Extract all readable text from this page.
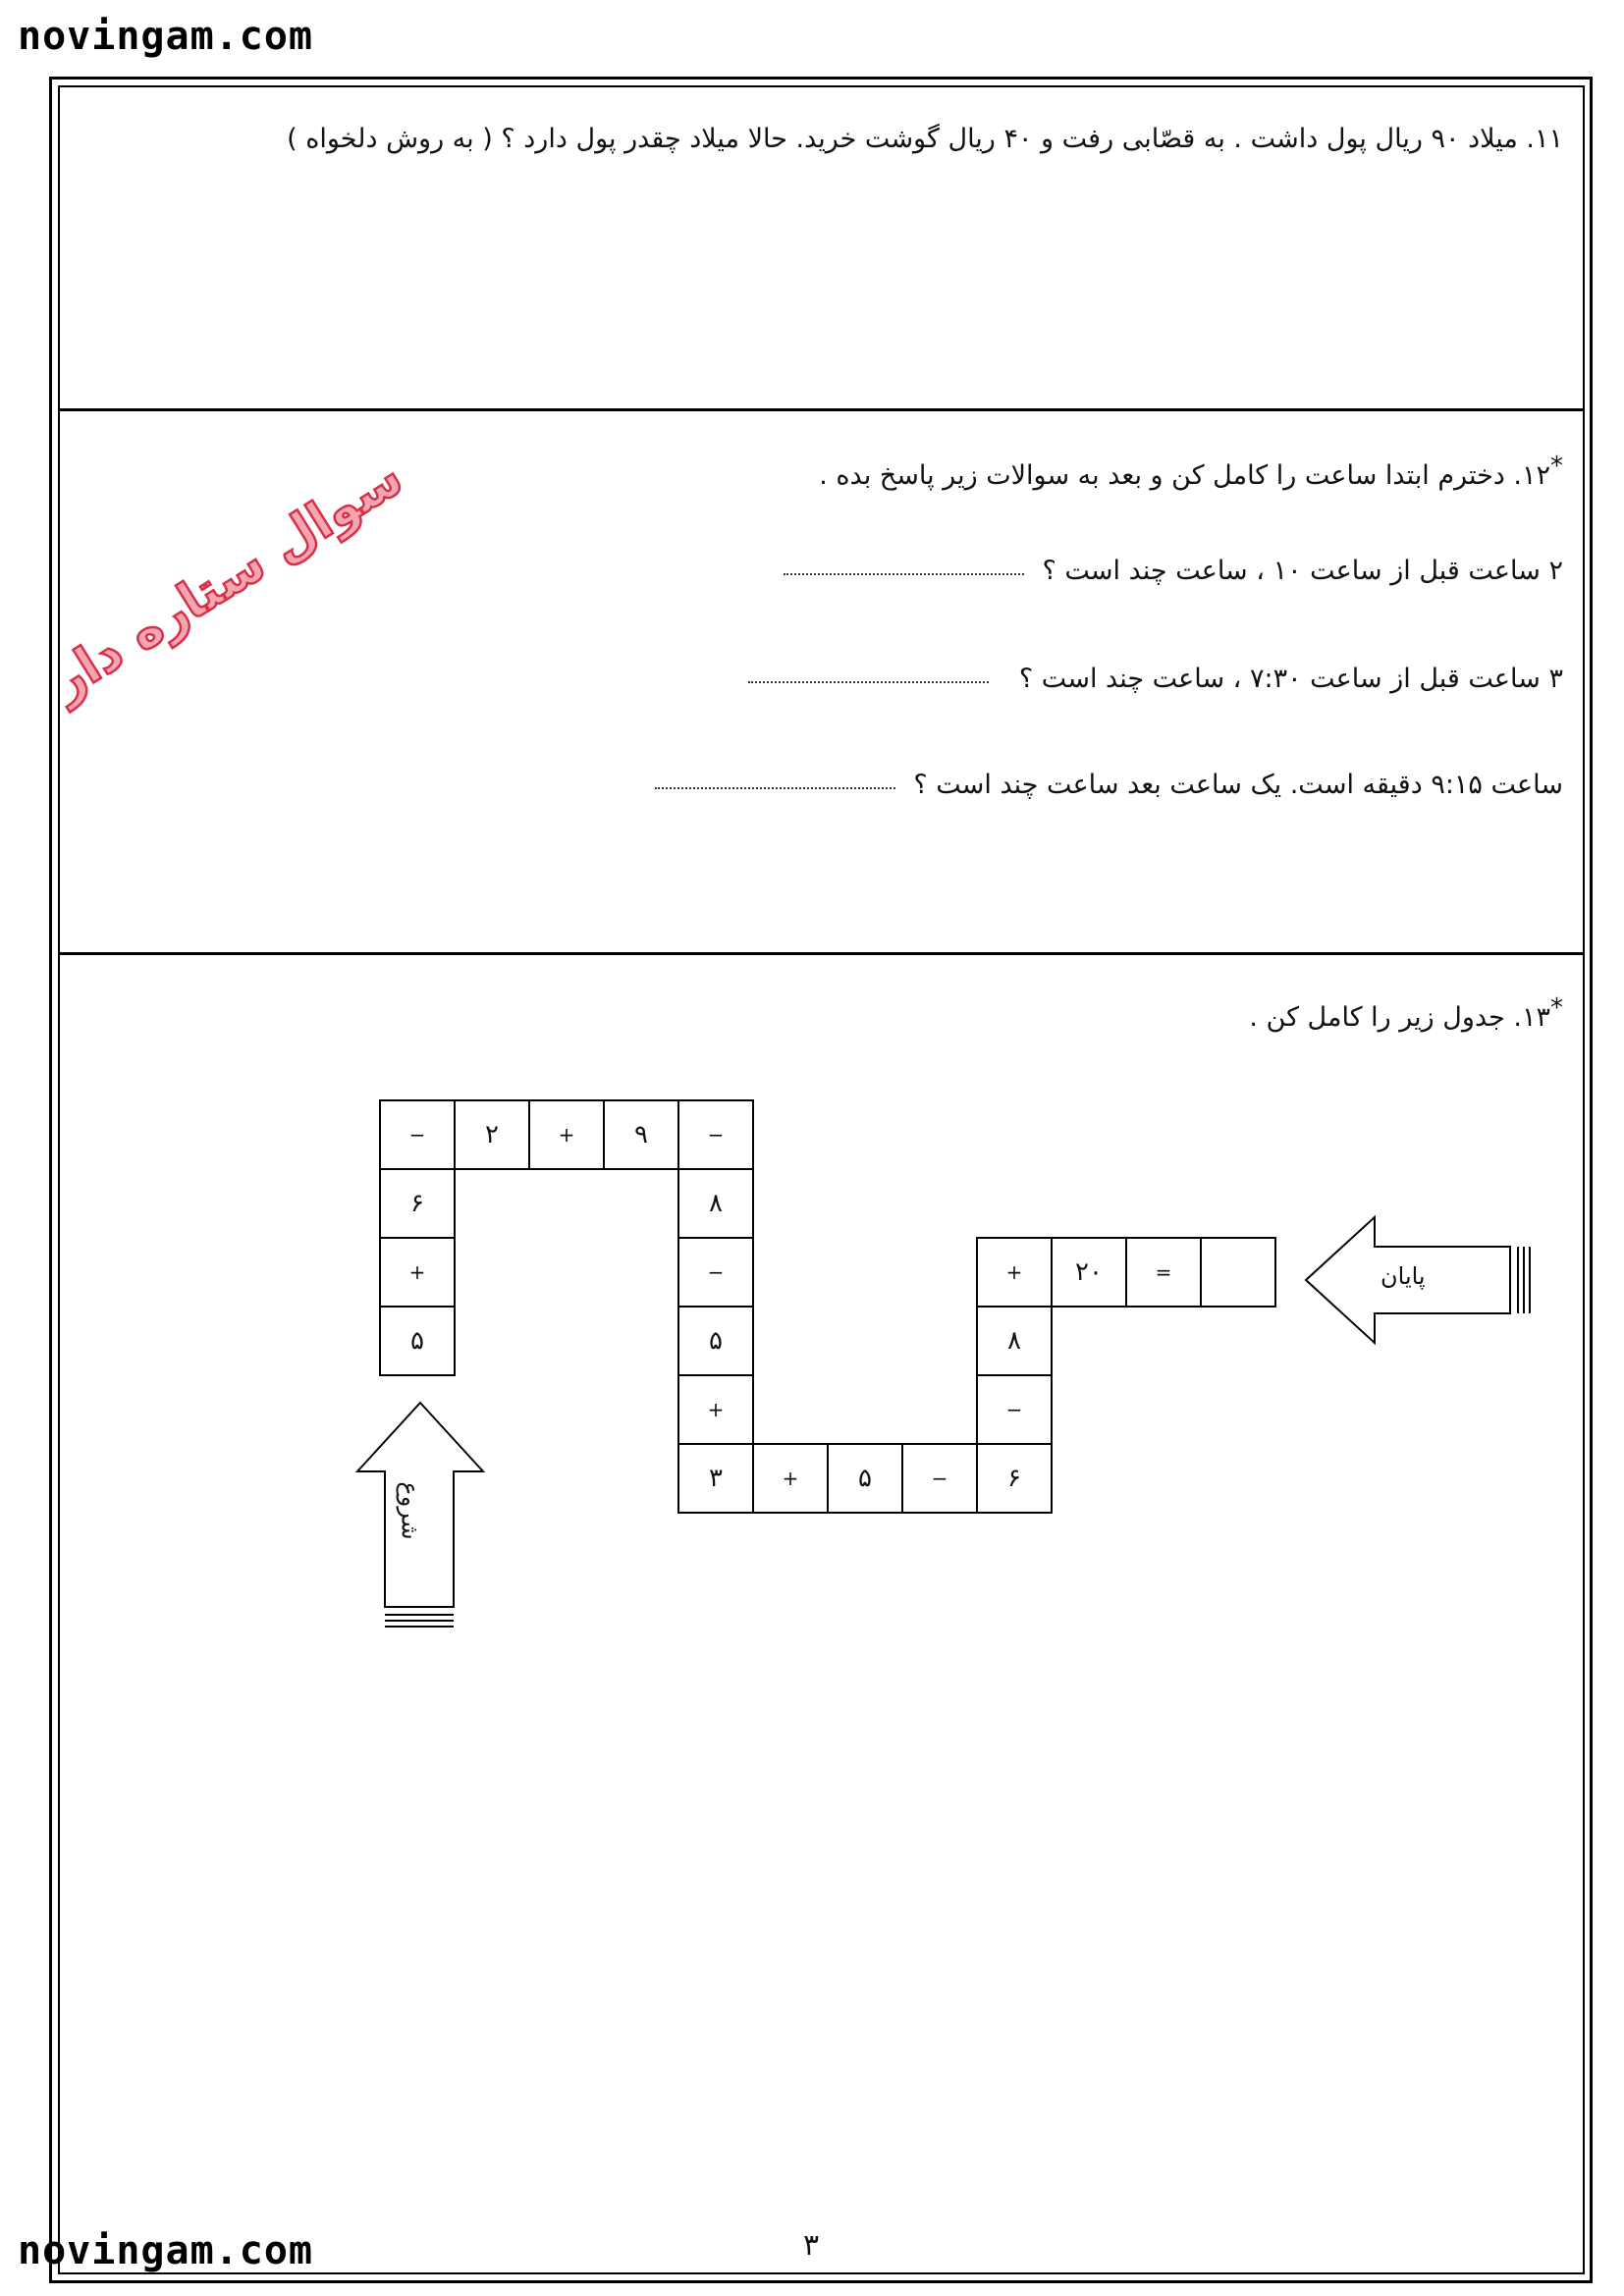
novingam.com
novingam.com
۱۱. میلاد ۹۰ ریال پول داشت . به قصّابی رفت و ۴۰ ریال گوشت خرید. حالا میلاد چقدر پول دارد ؟ ( به روش دلخواه )
*۱۲. دخترم ابتدا ساعت را کامل کن و بعد به سوالات زیر پاسخ بده .
۲ ساعت قبل از ساعت ۱۰ ، ساعت چند است ؟
۳ ساعت قبل از ساعت ۷:۳۰ ، ساعت چند است ؟
ساعت ۹:۱۵ دقیقه است. یک ساعت بعد ساعت چند است ؟
سوال ستاره دار
*۱۳. جدول زیر را کامل کن .
−	۲	+	۹	−
۶	۸
+	−
۵	۵
+
۳	+	۵	−	۶
−
۸
+	۲۰	=
شروع
پایان
۳
